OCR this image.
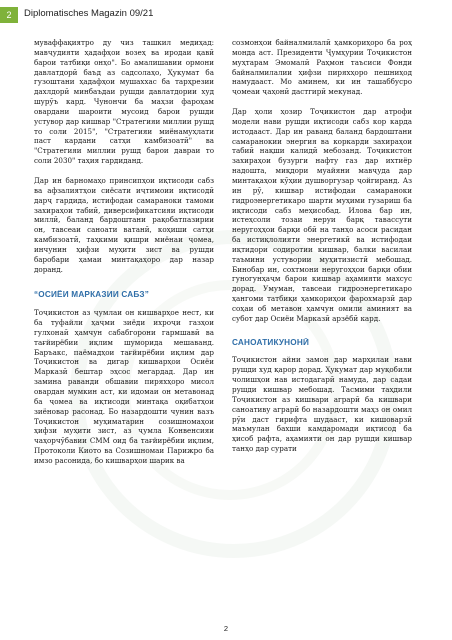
2	Diplomatisches Magazin 09/21

муваффақиятро ду чиз ташкил медиҳад: мавҷудияти ҳадафҳои возеҳ ва иродаи қавӣ барои татбиқи онҳо". Бо амалишавии ормони давлатдорӣ баъд аз садсолаҳо, Ҳукумат ба гузоштани ҳадафҳои мушаххас ба тарҳрезии дахлдорӣ минбаъдаи рушди давлатдории худ шурӯъ кард. Чунончи ба маҳзи фароҳам овардани шароити мусоид барои рушди устувор дар кишвар "Стратегияи миллии рушд то соли 2015", "Стратегияи миёнамуҳлати паст кардани сатҳи камбизоатӣ" ва "Стратегияи миллии рушд барои давраи то соли 2030" таҳия гардиданд.

Дар ин барномаҳо принсипҳои иқтисоди сабз ва афзалиятҳои сиёсати иҷтимоии иқтисодӣ дарҷ гардида, истифодаи самараноки тамоми захираҳои табиӣ, диверсификатсияи иқтисоди миллӣ, баланд бардоштани рақобатпазирии он, тавсеаи саноати ватанӣ, коҳиши сатҳи камбизоатӣ, таҳкими қишри миёнаи ҷомеа, инчунин ҳифзи муҳити зист ва рушди баробари ҳамаи минтақаҳоро дар назар доранд.

“ОСИЁИ МАРКАЗИИ САБЗ”

Тоҷикистон аз ҷумлаи он кишварҳое нест, ки ба туфайли ҳаҷми зиёди ихроҷи газҳои гулхонаӣ ҳамчун сабабгорони гармшавӣ ва тағйирёбии иқлим шуморида мешаванд. Баръакс, паёмадҳои тағйирёбии иқлим дар Тоҷикистон ва дигар кишварҳои Осиёи Марказӣ бештар эҳсос мегардад. Дар ин замина раванди обшавии пиряхҳоро мисол овардан мумкин аст, ки идомаи он метавонад ба ҷомеа ва иқтисоди минтақа оқибатҳои зиёновар расонад. Бо назардошти чунин вазъ Тоҷикистон муҳиматарин созишномаҳои ҳифзи муҳити зист, аз ҷумла Конвенсияи чаҳорчӯбавии СММ оид ба тағйирёбии иқлим, Протоколи Киото ва Созишномаи Парижро ба имзо расонида, бо кишварҳои шарик ва

созмонҳои байналмилалӣ ҳамкориҳоро ба роҳ мондa аст. Президенти Ҷумҳурии Тоҷикистон муҳтарам Эмомалӣ Раҳмон таъсиси Фонди байналмилалии ҳифзи пиряхҳоро пешниҳод намудааст. Мо аминем, ки ин ташаббусро ҷомеаи ҷаҳонӣ дастгирӣ мекунад.

Дар ҳоли ҳозир Тоҷикистон дар атрофи модели нави рушди иқтисоди сабз кор карда истодааст. Дар ин раванд баланд бардоштани самаранокии энергия ва коркарди захираҳои табиӣ нақши калидӣ мебозанд. Тоҷикистон захираҳои бузурги нафту газ дар ихтиёр надошта, миқдори муайяни мавҷуда дар минтақаҳои кӯҳии душворгузар ҷойгиранд. Аз ин рӯ, кишвар истифодаи самараноки гидроэнергетикаро шарти муҳими гузариш ба иқтисоди сабз меҳисобад. Илова бар ин, истеҳсоли тозаи неруи барқ тавассути неругоҳҳои барқи обӣ на танҳо асоси расидан ба истиқлолияти энергетикӣ ва истифодаи иқтидори содиротии кишвар, балки василаи таъмини устувории муҳитизистӣ мебошад. Бинобар ин, сохтмони неругоҳҳои барқи обии гуногунҳаҷм барои кишвар аҳамияти махсус дорад. Умуман, тавсеаи гидроэнергетикаро ҳангоми татбиқи ҳамкориҳои фарохмарзӣ дар соҳаи об метавон ҳамчун омили аминият ва субот дар Осиёи Марказӣ арзёбӣ кард.

САНОАТИКУНОНӢ

Тоҷикистон айни замон дар марҳилаи нави рушди худ қарор дорад. Ҳукумат дар муқобили чолишҳои нав истодагарӣ намуда, дар садаи рушди кишвар мебошад. Тасмими таҳдили Тоҷикистон аз кишвари аграрӣ ба кишвари саноативу аграрӣ бо назардошти маҳз он омил рӯи даст гирифта шудааст, ки кишоварзӣ маъмулан бахши камдаромади иқтисод ба ҳисоб рафта, аҳамияти он дар рушди кишвар танҳо дар сурати

2
